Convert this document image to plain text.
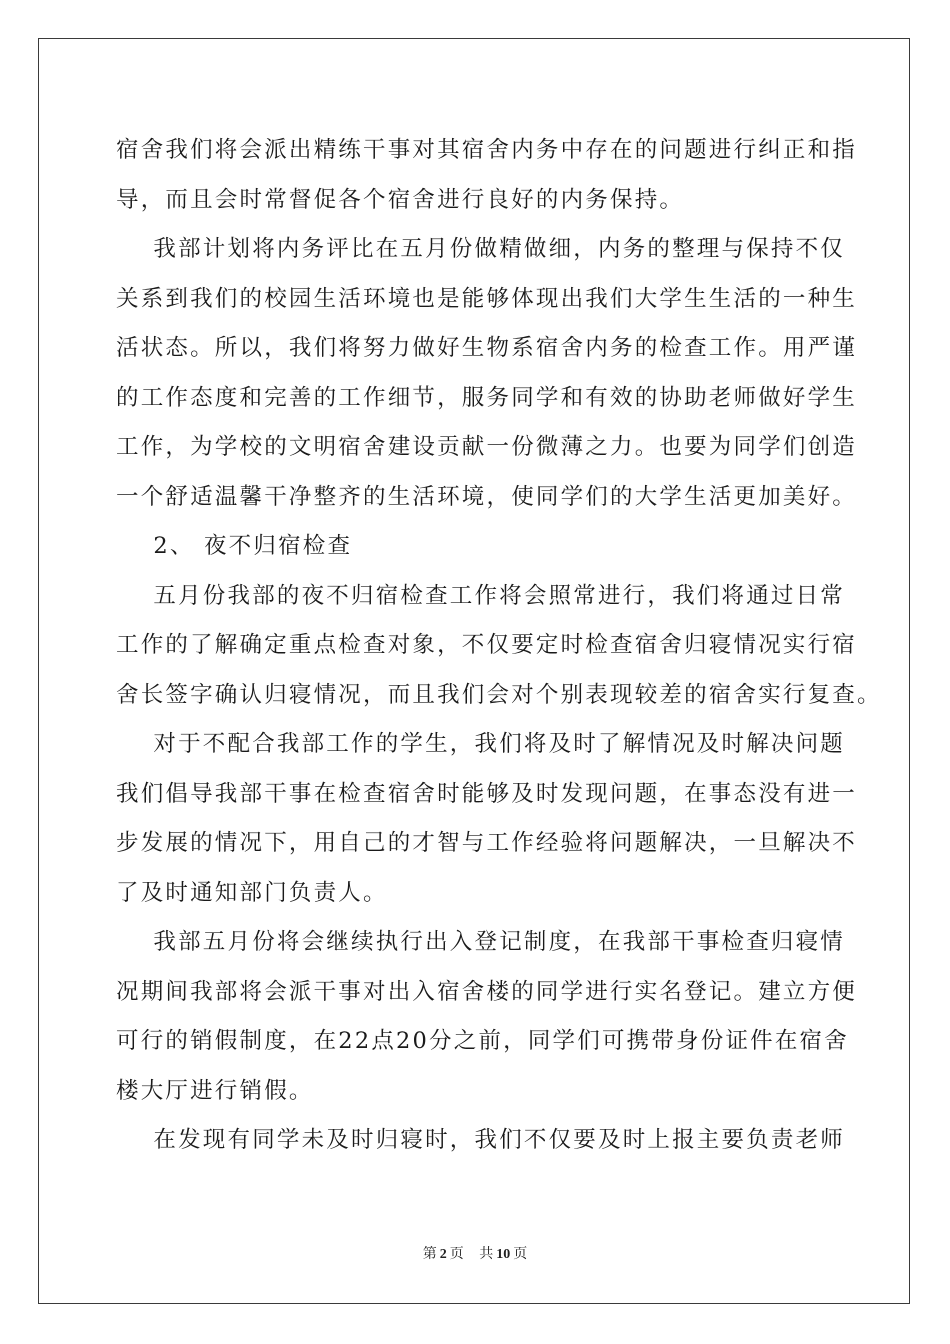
宿舍我们将会派出精练干事对其宿舍内务中存在的问题进行纠正和指
导，而且会时常督促各个宿舍进行良好的内务保持。
我部计划将内务评比在五月份做精做细，内务的整理与保持不仅
关系到我们的校园生活环境也是能够体现出我们大学生生活的一种生
活状态。所以，我们将努力做好生物系宿舍内务的检查工作。用严谨
的工作态度和完善的工作细节，服务同学和有效的协助老师做好学生
工作，为学校的文明宿舍建设贡献一份微薄之力。也要为同学们创造
一个舒适温馨干净整齐的生活环境，使同学们的大学生活更加美好。
2、 夜不归宿检查
五月份我部的夜不归宿检查工作将会照常进行，我们将通过日常
工作的了解确定重点检查对象，不仅要定时检查宿舍归寝情况实行宿
舍长签字确认归寝情况，而且我们会对个别表现较差的宿舍实行复查。
对于不配合我部工作的学生，我们将及时了解情况及时解决问题
我们倡导我部干事在检查宿舍时能够及时发现问题，在事态没有进一
步发展的情况下，用自己的才智与工作经验将问题解决，一旦解决不
了及时通知部门负责人。
我部五月份将会继续执行出入登记制度，在我部干事检查归寝情
况期间我部将会派干事对出入宿舍楼的同学进行实名登记。建立方便
可行的销假制度，在22点20分之前，同学们可携带身份证件在宿舍
楼大厅进行销假。
在发现有同学未及时归寝时，我们不仅要及时上报主要负责老师
第 2 页 共 10 页
